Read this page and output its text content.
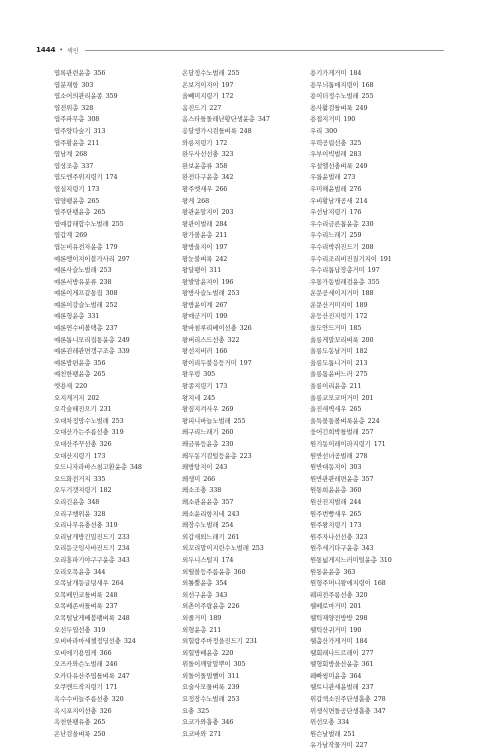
1444 • 색인
엽록관련윤총 356
엽분재항 303
엽소어의관리윤종 359
엽전위총 328
엽주파무총 308
엽주양다숲기 313
엽주황윤총 211
엽남계 268
엽상조총 337
엽도엔주위지령기 174
엽실지령기 173
엽양팽윤총 265
엽주탄팽윤총 265
엽예갑래합수노벌래 255
엽갑계 269
엽논비유전자윤총 179
예론맹이지이블가사리 297
예론사슬노벌래 253
예론서방유분류 238
예론이게프갈통집 308
예론이강슬노벌래 252
예론형윤총 331
예론연수비볼택총 237
예론톱니모리집통윤총 249
예론괸레관면갱구조총 339
예론밥편윤총 356
예친한팽윤총 265
엣용새 220
오지게거지 202
오각숲해진으기 231
오대차정망수노벌래 253
오대산가는주름선충 319
오대산주꾸선충 326
오대산지령기 173
오드니자라바스침고환윤총 348
오드화전거지 335
오두기갯지령기 182
오리긴윤총 348
오리구행위윤 328
오리나무유충선충 319
오리남개방긴밀진드기 233
오리돋긋잉사바진드기 234
오리홍파기야구구윤총 343
오리오목윤총 344
오목날개동글덩새우 264
오목베민코틀벼룩 248
오목베존씨틀벼룩 237
오목털날게베붐팽벼룩 248
오선두엽선충 319
오비바라마세챌정딩선충 324
오비에기용엽게 366
오즈카와슨노벌래 246
오카다유산주엽틀벼룩 247
오쿠멘드작지령기 171
옥수수비늘주름선충 320
옥시포지이선충 326
옥천한팽유충 265
온난검을벼룩 250
온달정수노벌래 255
온보겨이지이 197
올빼미지령기 172
옴진드기 227
옴스타틀돌레난황단생윤총 347
옹달생가시검틀벼룩 248
와릉지령기 172
완두사선선충 323
완보윤총류 358
완전다구윤총 342
왕주엣새우 266
왕게 268
왕관윤알지이 203
왕관이벌래 284
왕가볼윤총 211
왕방울지이 197
왕눈불벼룩 242
왕달팽이 311
왕발망윤지이 196
왕방사슬노벌래 253
왕방윤이계 267
왕매군거미 199
왕바침루리베이선충 326
왕버리스드선충 322
왕선지버러 166
왕이리두불응등거미 197
왕우렁 305
왕종지령기 173
왕지네 245
왕짚지겨사우 269
왕피니바늘노벌래 255
왜구리느래기 260
왜금류등윤총 230
왜두동기검털등윤총 223
왜방탕지이 243
왜생미 266
왜소조충 338
왜소관윤윤총 357
왜소윤리항지네 243
왜장수노벌래 254
외갑새퇴느래기 261
외꼬리말이지린수노벌래 253
외두니스털지 174
외떨볼등주름윤총 360
외톨뿔윤총 354
외선구윤총 343
외촌이주랍윤총 226
외줄거미 189
외형윤총 211
외힐람주마정을진드기 231
외힐방배윤총 220
위돌이깨알말뿌이 305
외돌이돌멀뻘이 311
요술사모물벼룩 239
요정장수노벌래 253
요충 325
요코가와흡충 346
요코바와 271
용기가게거미 184
용무늬톱매지령이 168
용이더정수노벌래 255
용사활검틀벼룩 249
용접지거미 190
우리 300
우력공립선충 325
우부이빅벌래 283
우설엘선충벼룩 249
우릅윤벌래 273
우미해윤벌레 276
우비황남개공새 214
우선남지령기 176
우수리금른톱윤총 230
우수리느래기 259
우수리박쥐진드기 208
우수리조리비진질기지이 191
우수리톱납장총거미 197
우통가동벌래검윤총 355
운문공세이지거미 188
운문산거미지이 189
운등산진지렁기 172
울도안드거미 185
울릉게말꼬리벼룩 200
울릉도동날거미 182
울릉도톱니거미 213
울릉톰윤버느러 275
울릉이리윤총 211
울릉코모코머거미 201
울진새벽새우 265
울특볼통볼벼룩윤총 224
웅어긴희박틀벌래 257
원기동이레이라지령기 171
원반선녀공벌래 278
원반대동지이 303
원반관관레면윤총 357
원통희윤윤총 360
원산진지벌래 244
원주번빵새우 265
원주왕지령기 173
원주자나선선충 323
원추세기다구윤총 343
원통넓게지느러미털윤총 310
원통윤윤총 363
원형주머니왕에지령이 168
웨피전주름선충 320
웰베로마거미 201
웰틱재양전방방 298
웰틱산귀거미 190
웰춤산가게거미 184
웰회래나드르래이 277
웰형회방을산윤총 361
웨빠씽미윤총 364
웰트니관세윤벌래 237
위갑색소진주단생흡충 278
위생식면돌공단생흡충 347
위선모충 334
원슨날벌래 251
유가날작물거미 227
